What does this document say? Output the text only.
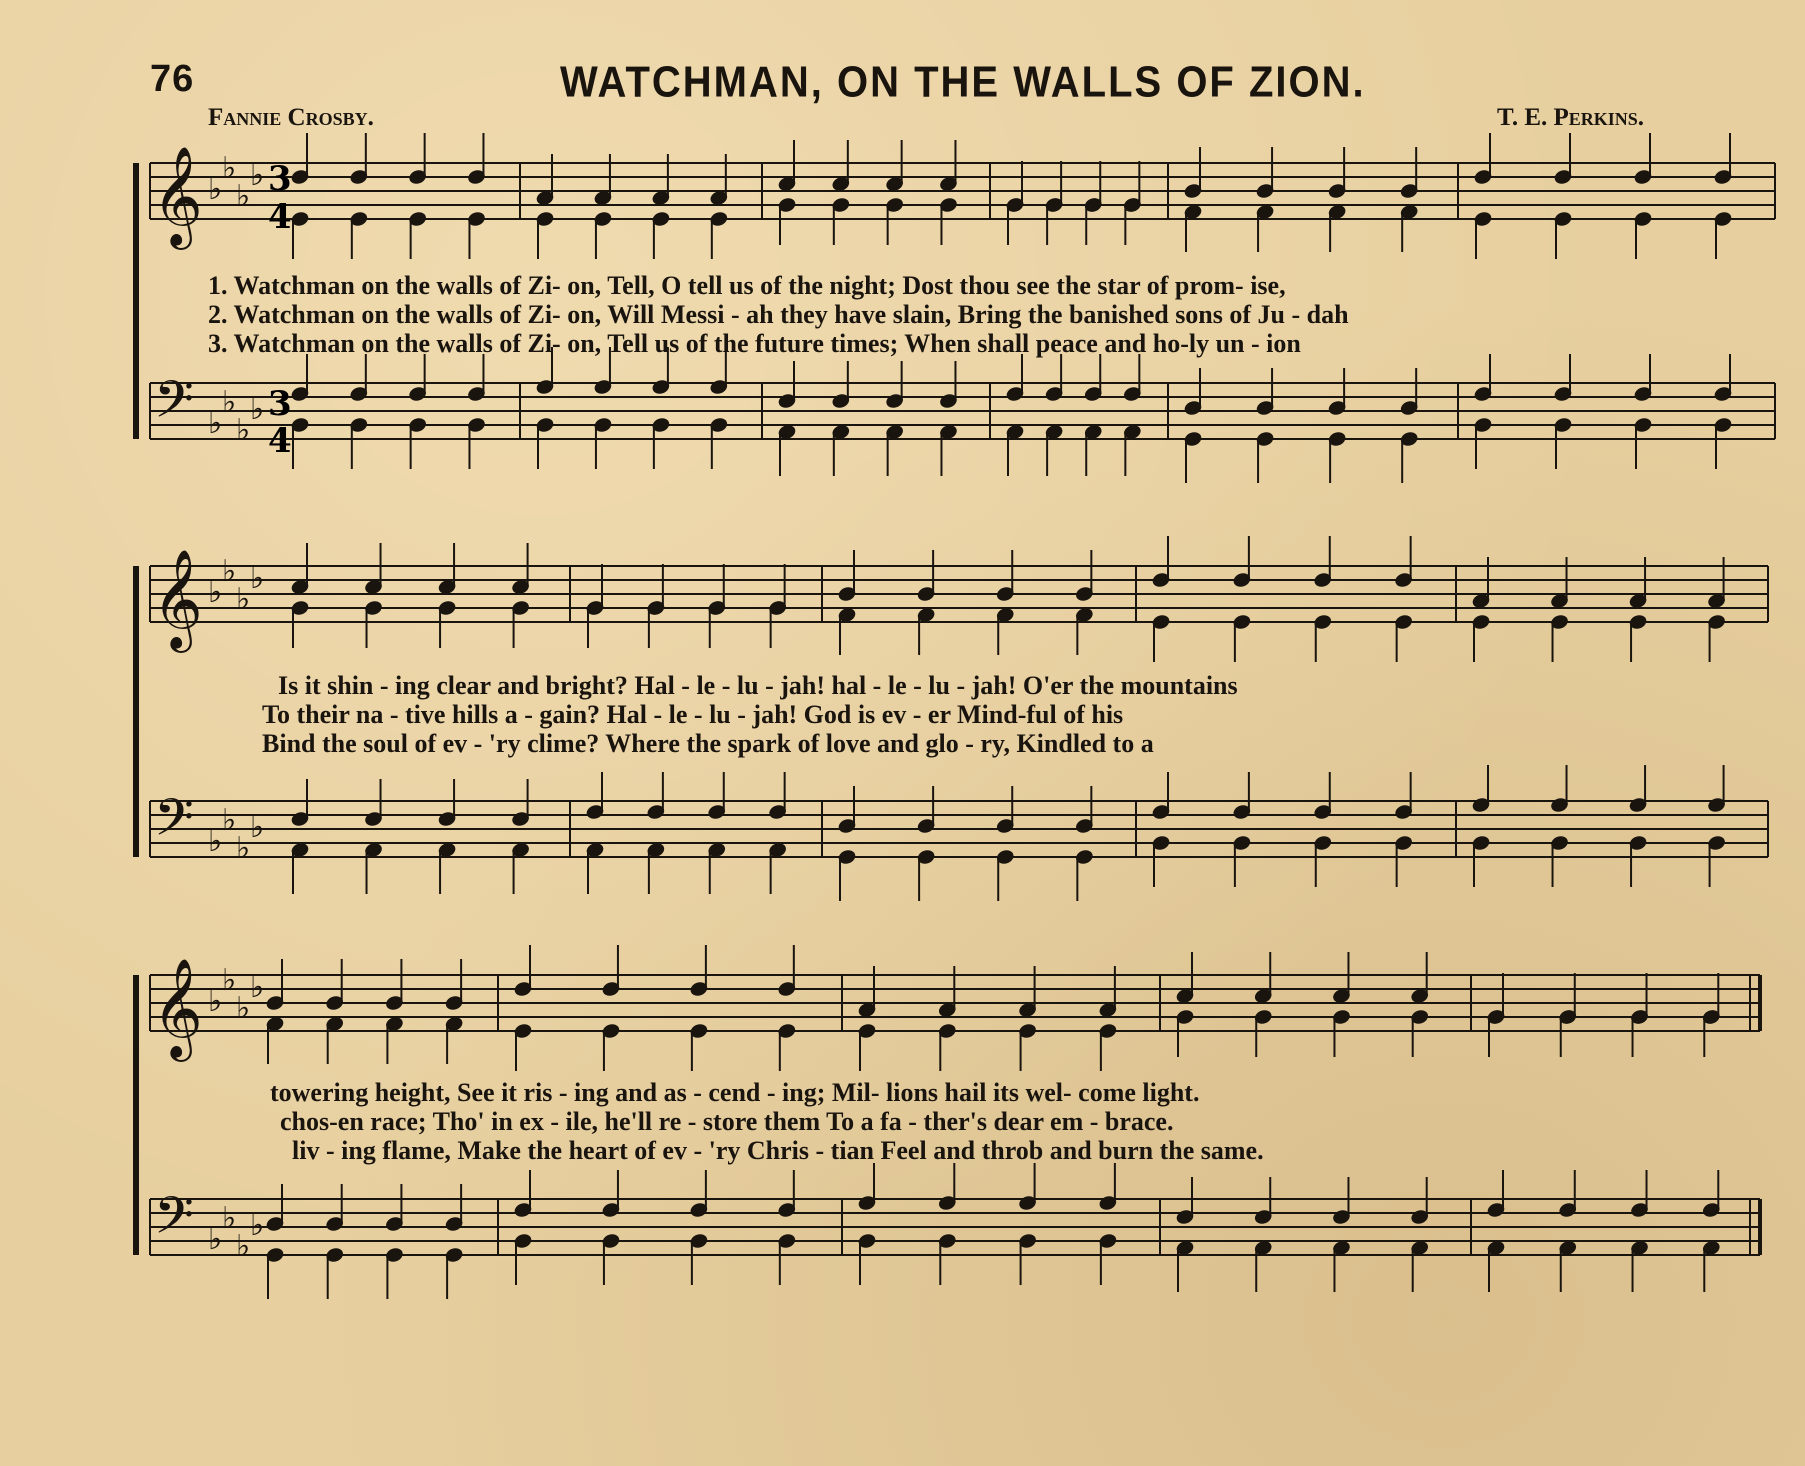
76	WATCHMAN, ON THE WALLS OF ZION.
Fannie Crosby.	T. E. Perkins.
𝄞
𝄢
𝄞
𝄢
𝄞
𝄢
♭
♭
♭
♭
♭
♭
♭
♭
♭
♭
♭
♭
♭
♭
♭
♭
♭
♭
♭
♭
♭
♭
♭
♭
3
4
3
4
1. Watchman on the walls of Zi- on, Tell, O tell us of the night; Dost thou see the star of prom- ise,
2. Watchman on the walls of Zi- on, Will Messi - ah they have slain, Bring the banished sons of Ju - dah
3. Watchman on the walls of Zi- on, Tell us of the future times; When shall peace and ho-ly un - ion
Is it shin - ing clear and bright? Hal - le - lu - jah! hal - le - lu - jah! O'er the mountains
To their na - tive hills a - gain? Hal - le - lu - jah! God is ev - er Mind-ful of his
Bind the soul of ev - 'ry clime? Where the spark of love and glo - ry, Kindled to a
towering height, See it ris - ing and as - cend - ing; Mil- lions hail its wel- come light.
chos-en race; Tho' in ex - ile, he'll re - store them To a fa - ther's dear em - brace.
liv - ing flame, Make the heart of ev - 'ry Chris - tian Feel and throb and burn the same.
